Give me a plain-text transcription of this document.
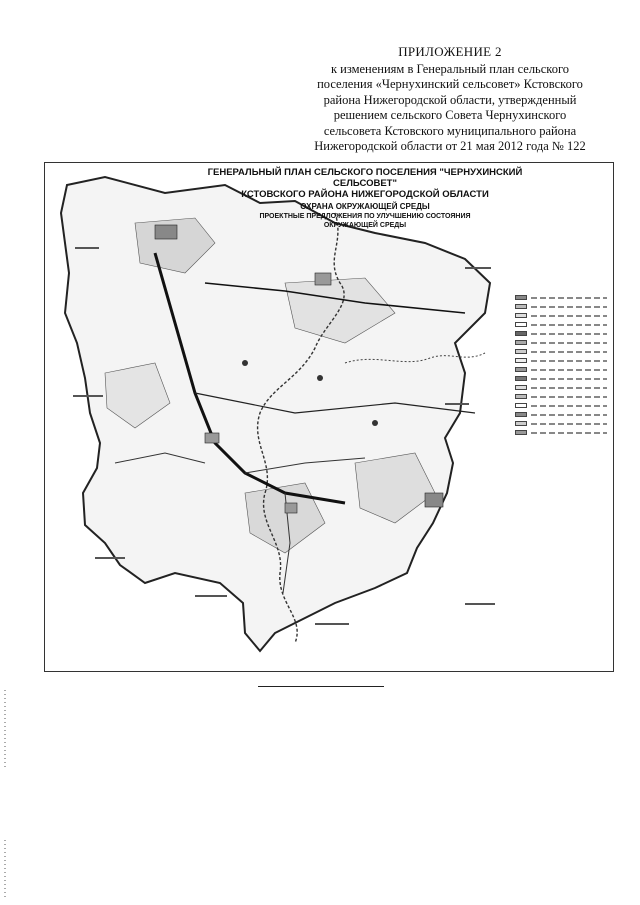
ПРИЛОЖЕНИЕ 2
к изменениям в Генеральный план сельского
поселения «Чернухинский сельсовет» Кстовского
района Нижегородской области, утвержденный
решением сельского Совета Чернухинского
сельсовета Кстовского муниципального района
Нижегородской области от 21 мая 2012 года № 122
ГЕНЕРАЛЬНЫЙ ПЛАН СЕЛЬСКОГО ПОСЕЛЕНИЯ "ЧЕРНУХИНСКИЙ СЕЛЬСОВЕТ"
КСТОВСКОГО РАЙОНА НИЖЕГОРОДСКОЙ ОБЛАСТИ
ОХРАНА ОКРУЖАЮЩЕЙ СРЕДЫ
ПРОЕКТНЫЕ ПРЕДЛОЖЕНИЯ ПО УЛУЧШЕНИЮ СОСТОЯНИЯ
ОКРУЖАЮЩЕЙ СРЕДЫ
